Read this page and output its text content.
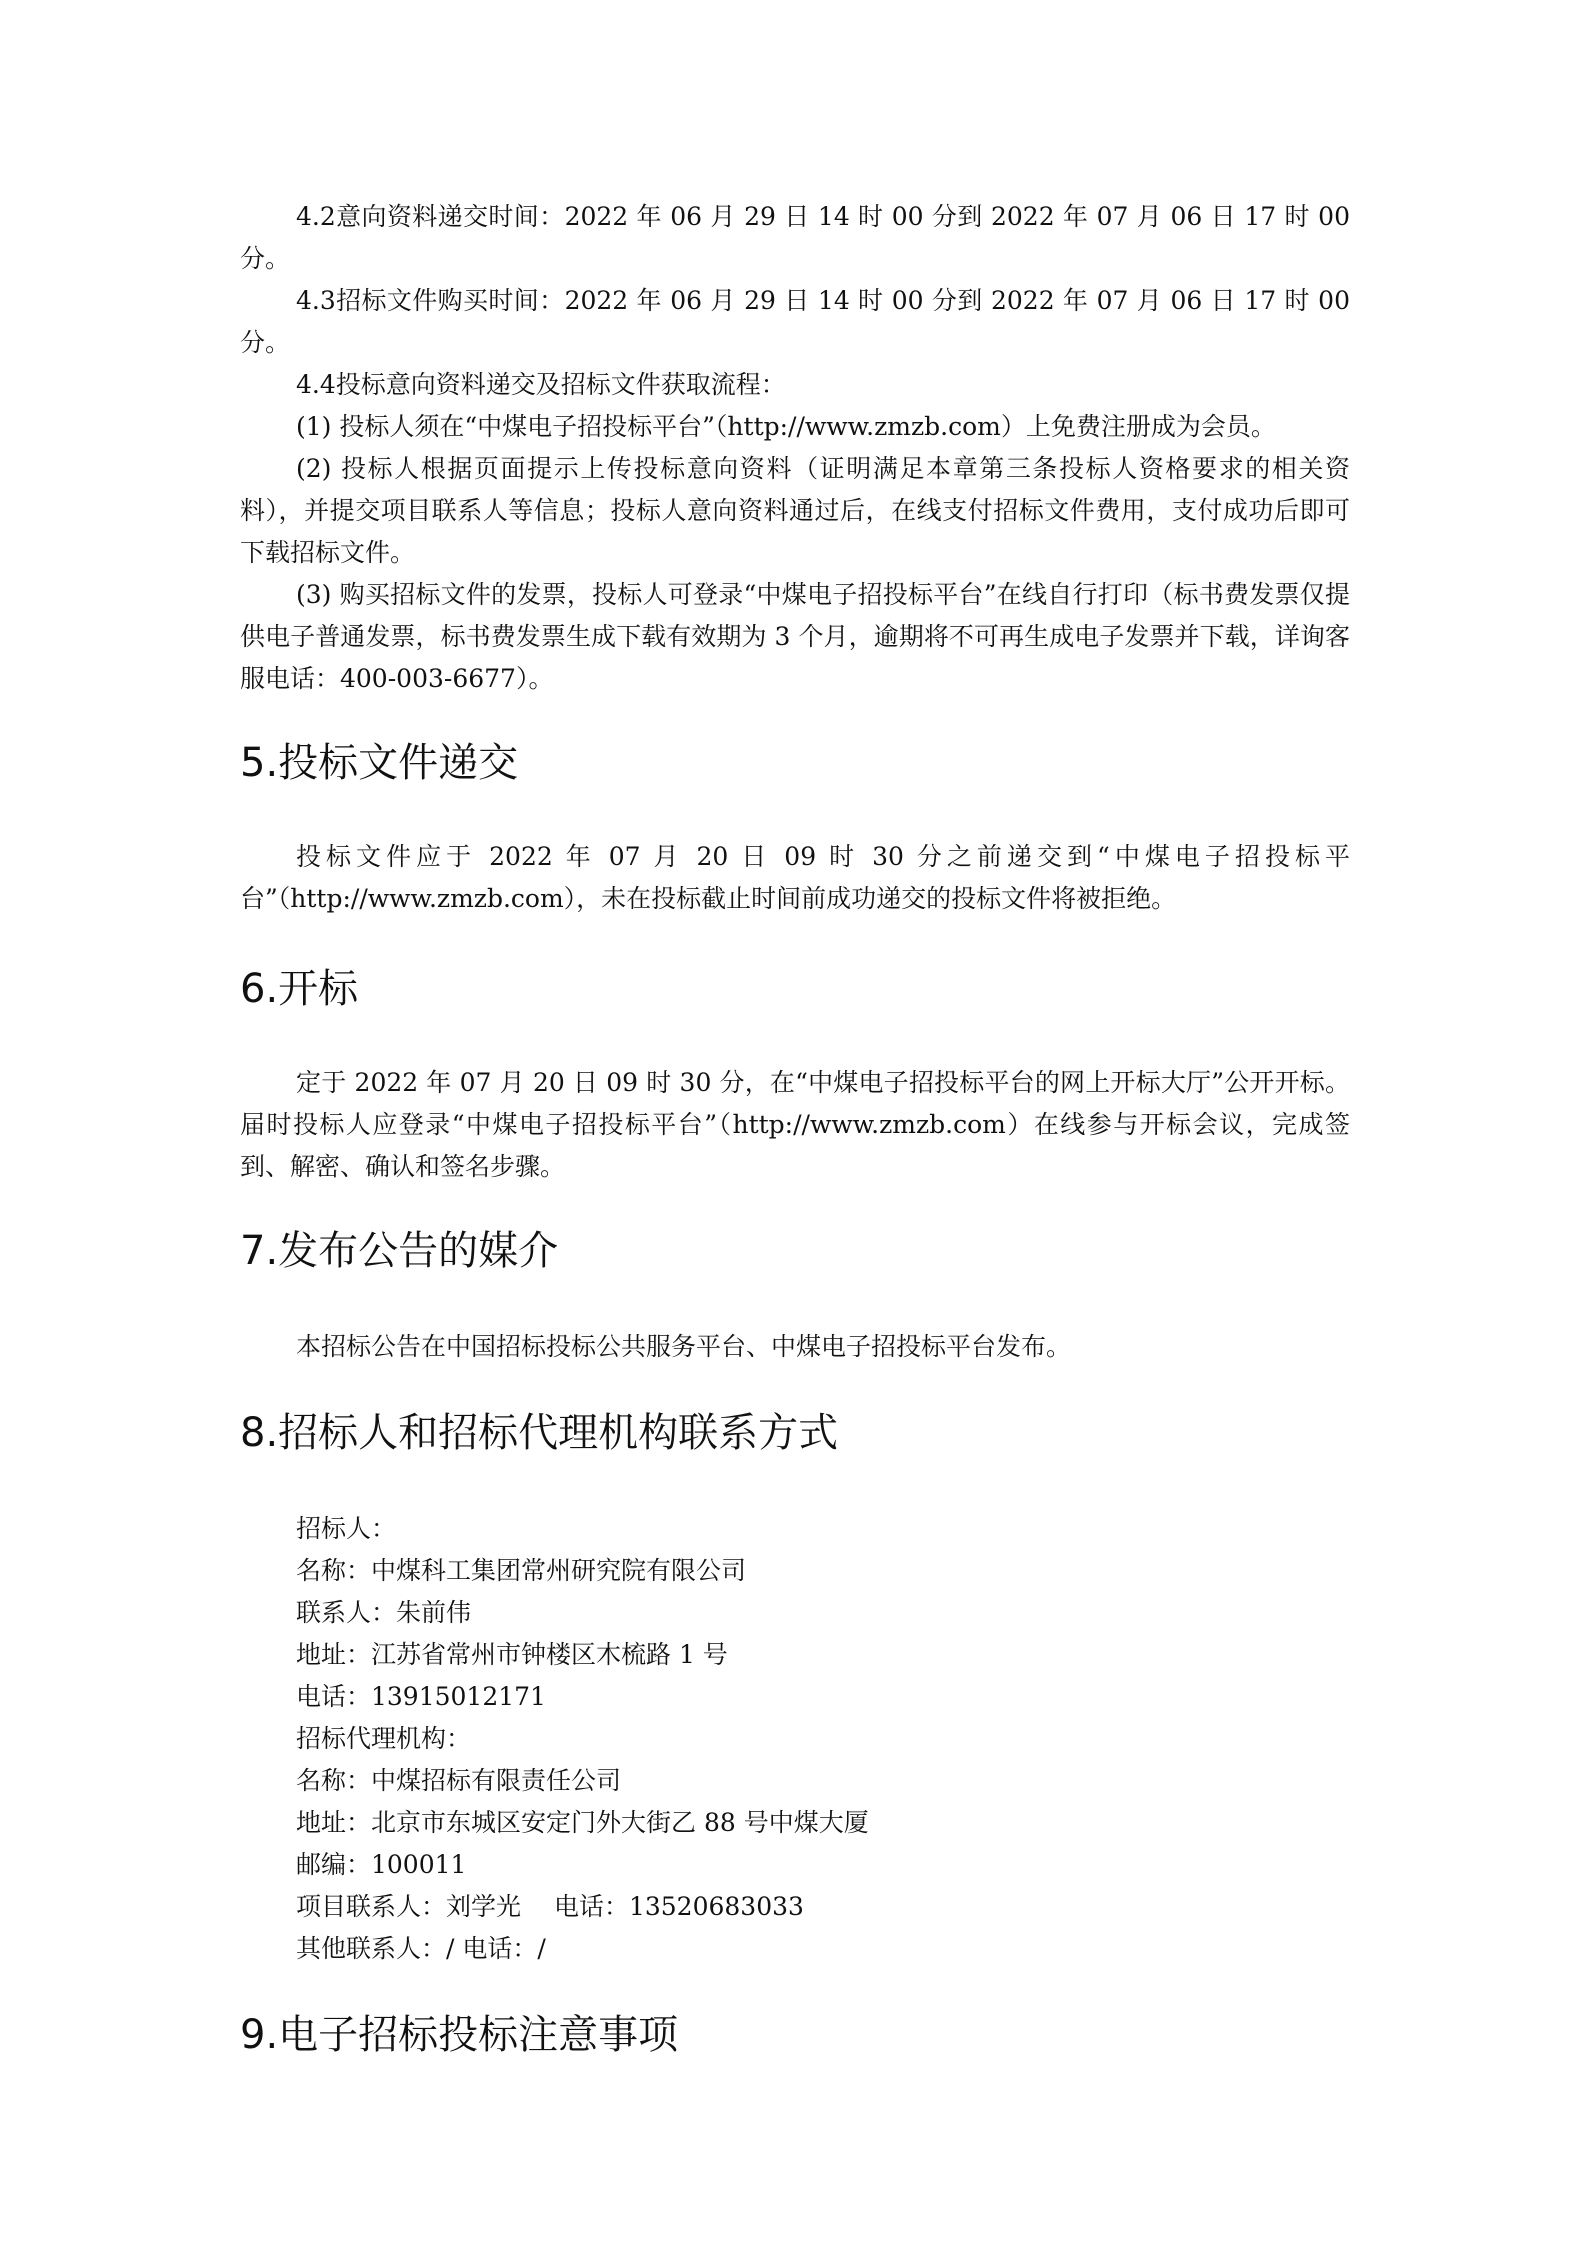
4.2意向资料递交时间：2022 年 06 月 29 日 14 时 00 分到 2022 年 07 月 06 日 17 时 00 分。

4.3招标文件购买时间：2022 年 06 月 29 日 14 时 00 分到 2022 年 07 月 06 日 17 时 00 分。

4.4投标意向资料递交及招标文件获取流程：

(1) 投标人须在“中煤电子招投标平台”（http://www.zmzb.com）上免费注册成为会员。

(2) 投标人根据页面提示上传投标意向资料（证明满足本章第三条投标人资格要求的相关资料），并提交项目联系人等信息；投标人意向资料通过后，在线支付招标文件费用，支付成功后即可下载招标文件。

(3) 购买招标文件的发票，投标人可登录“中煤电子招投标平台”在线自行打印（标书费发票仅提供电子普通发票，标书费发票生成下载有效期为 3 个月，逾期将不可再生成电子发票并下载，详询客服电话：400-003-6677）。

5.投标文件递交

投标文件应于 2022 年 07 月 20 日 09 时 30 分之前递交到“中煤电子招投标平台”（http://www.zmzb.com），未在投标截止时间前成功递交的投标文件将被拒绝。

6.开标

定于 2022 年 07 月 20 日 09 时 30 分，在“中煤电子招投标平台的网上开标大厅”公开开标。届时投标人应登录“中煤电子招投标平台”（http://www.zmzb.com）在线参与开标会议，完成签到、解密、确认和签名步骤。

7.发布公告的媒介

本招标公告在中国招标投标公共服务平台、中煤电子招投标平台发布。

8.招标人和招标代理机构联系方式

招标人：

名称：中煤科工集团常州研究院有限公司

联系人：朱前伟

地址：江苏省常州市钟楼区木梳路 1 号

电话：13915012171

招标代理机构：

名称：中煤招标有限责任公司

地址：北京市东城区安定门外大街乙 88 号中煤大厦

邮编：100011

项目联系人：刘学光　 电话：13520683033

其他联系人：/ 电话：/

9.电子招标投标注意事项
